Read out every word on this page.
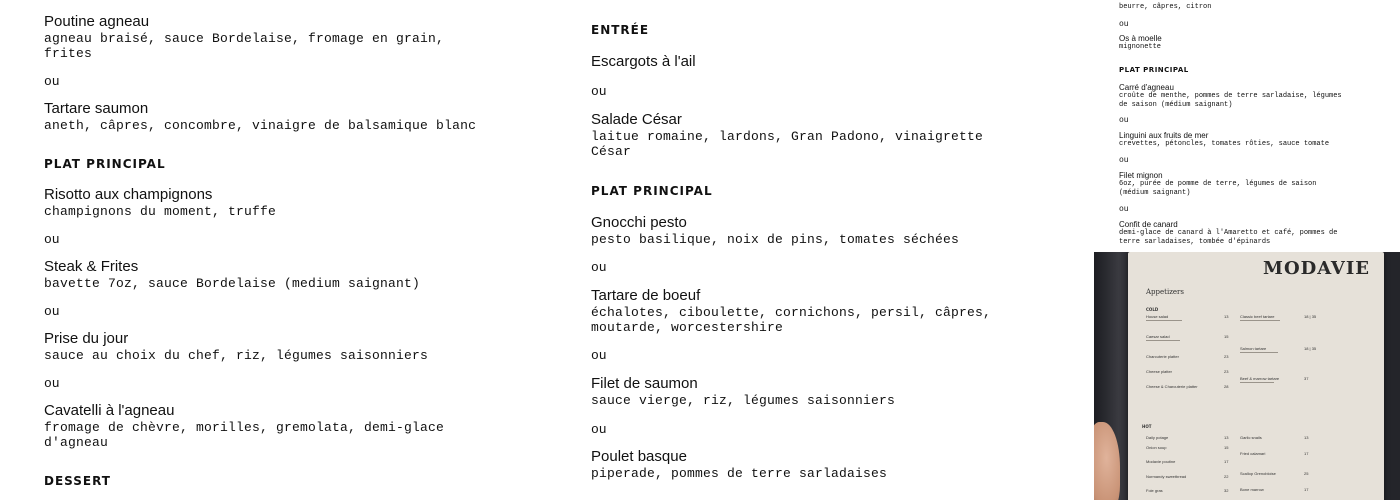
Poutine agneau
agneau braisé, sauce Bordelaise, fromage en grain,
frites
ou
Tartare saumon
aneth, câpres, concombre, vinaigre de balsamique blanc
PLAT PRINCIPAL
Risotto aux champignons
champignons du moment, truffe
ou
Steak & Frites
bavette 7oz, sauce Bordelaise (medium saignant)
ou
Prise du jour
sauce au choix du chef, riz, légumes saisonniers
ou
Cavatelli à l'agneau
fromage de chèvre, morilles, gremolata, demi-glace
d'agneau
DESSERT
ENTRÉE
Escargots à l'ail
ou
Salade César
laitue romaine, lardons, Gran Padono, vinaigrette
César
PLAT PRINCIPAL
Gnocchi pesto
pesto basilique, noix de pins, tomates séchées
ou
Tartare de boeuf
échalotes, ciboulette, cornichons, persil, câpres,
moutarde, worcestershire
ou
Filet de saumon
sauce vierge, riz, légumes saisonniers
ou
Poulet basque
piperade, pommes de terre sarladaises
beurre, câpres, citron
ou
Os à moelle
mignonette
PLAT PRINCIPAL
Carré d'agneau
croûte de menthe, pommes de terre sarladaise, légumes
de saison (médium saignant)
ou
Linguini aux fruits de mer
crevettes, pétoncles, tomates rôties, sauce tomate
ou
Filet mignon
6oz, purée de pomme de terre, légumes de saison
(médium saignant)
ou
Confit de canard
demi-glace de canard à l'Amaretto et café, pommes de
terre sarladaises, tombée d'épinards
MODAVIE
Appetizers
COLD
House salad	13
Caesar salad	15
Charcuterie platter	23
Cheese platter	23
Cheese & Charcuterie platter	28
Classic beef tartare	18 | 35
Salmon tartare	18 | 35
Beef & marrow tartare	37
HOT
Daily potage	13
Onion soup	15
Modavie poutine	17
Normandy sweetbread	22
Foie gras	32
Garlic snails	13
Fried calamari	17
Scallop Grenobloise	25
Bone marrow	17
